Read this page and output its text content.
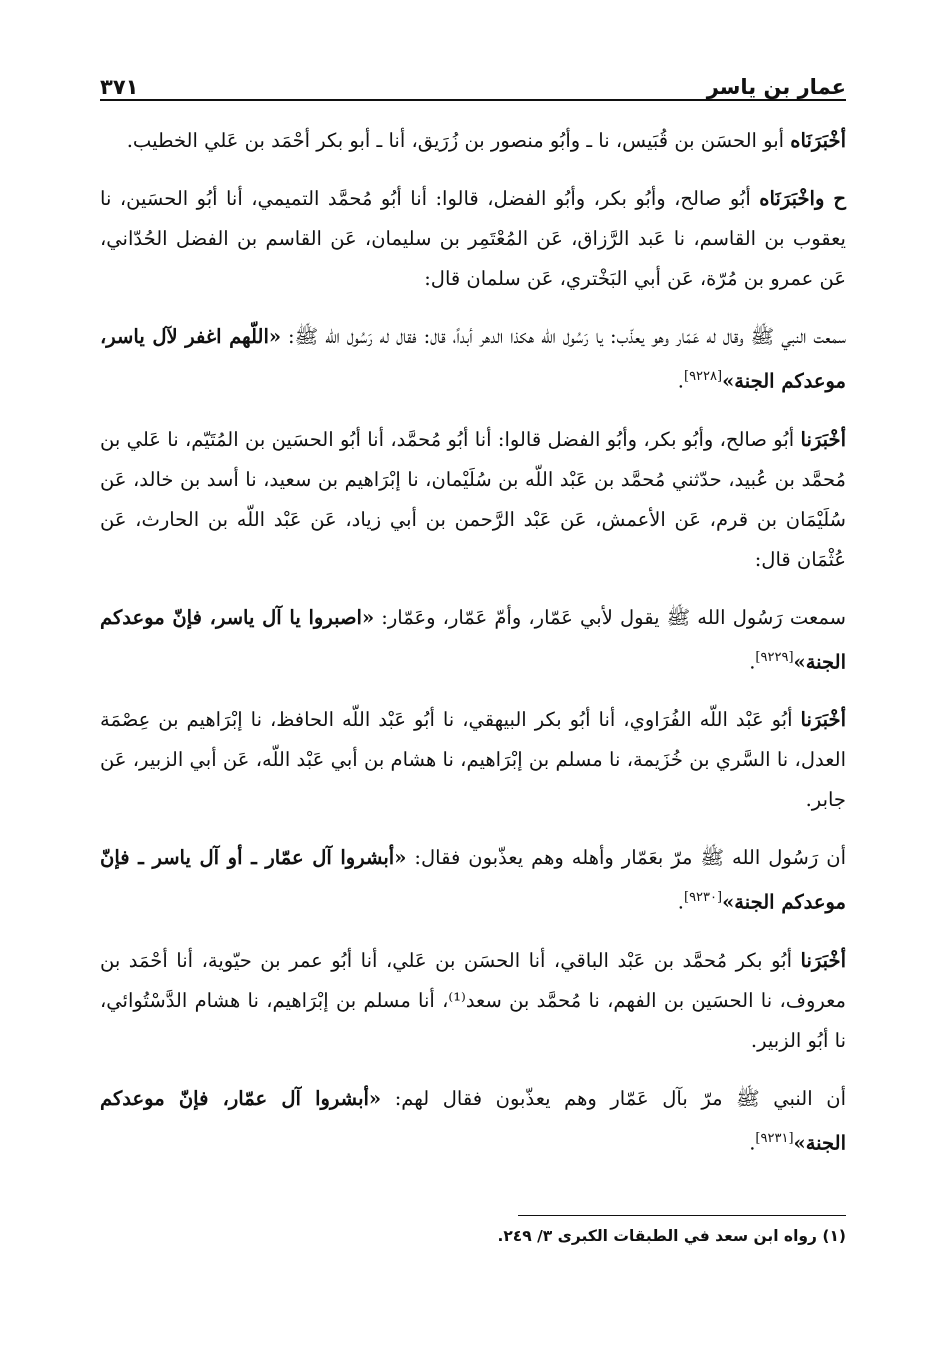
عمار بن ياسر
٣٧١

أخْبَرَنَاه أبو الحسَن بن قُبَيس، نا ـ وأبُو منصور بن زُرَيق، أنا ـ أبو بكر أحْمَد بن عَلي الخطيب.

ح واخْبَرَنَاه أبُو صالح، وأبُو بكر، وأبُو الفضل، قالوا: أنا أبُو مُحمَّد التميمي، أنا أبُو الحسَين، نا يعقوب بن القاسم، نا عَبد الرَّزاق، عَن المُعْتَمِر بن سليمان، عَن القاسم بن الفضل الحُدّاني، عَن عمرو بن مُرّة، عَن أبي البَخْتري، عَن سلمان قال:

سمعت النبي ﷺ وقال له عَمّار وهو يعذّب: يا رَسُول الله هكذا الدهر أبداً، قال: فقال له رَسُول الله ﷺ: «اللّهم اغفر لآل ياسر، موعدكم الجنة»[٩٢٢٨].

أخْبَرَنا أبُو صالح، وأبُو بكر، وأبُو الفضل قالوا: أنا أبُو مُحمَّد، أنا أبُو الحسَين بن المُتَيّم، نا عَلي بن مُحمَّد بن عُبيد، حدّثني مُحمَّد بن عَبْد اللّه بن سُلَيْمان، نا إبْرَاهيم بن سعيد، نا أسد بن خالد، عَن سُلَيْمَان بن قرم، عَن الأعمش، عَن عَبْد الرَّحمن بن أبي زياد، عَن عَبْد اللّه بن الحارث، عَن عُثْمَان قال:

سمعت رَسُول الله ﷺ يقول لأبي عَمّار، وأمّ عَمّار، وعَمّار: «اصبروا يا آل ياسر، فإنّ موعدكم الجنة»[٩٢٢٩].

أخْبَرَنا أبُو عَبْد اللّه الفُرَاوي، أنا أبُو بكر البيهقي، نا أبُو عَبْد اللّه الحافظ، نا إبْرَاهيم بن عِصْمَة العدل، نا السَّري بن خُزَيمة، نا مسلم بن إبْرَاهيم، نا هشام بن أبي عَبْد اللّه، عَن أبي الزبير، عَن جابر.

أن رَسُول الله ﷺ مرّ بعَمّار وأهله وهم يعذّبون فقال: «أبشروا آل عمّار ـ أو آل ياسر ـ فإنّ موعدكم الجنة»[٩٢٣٠].

أخْبَرَنا أبُو بكر مُحمَّد بن عَبْد الباقي، أنا الحسَن بن عَلي، أنا أبُو عمر بن حيّوية، أنا أحْمَد بن معروف، نا الحسَين بن الفهم، نا مُحمَّد بن سعد⁽¹⁾، أنا مسلم بن إبْرَاهيم، نا هشام الدَّسْتُوائي، نا أبُو الزبير.

أن النبي ﷺ مرّ بآل عَمّار وهم يعذّبون فقال لهم: «أبشروا آل عمّار، فإنّ موعدكم الجنة»[٩٢٣١].

(١) رواه ابن سعد في الطبقات الكبرى ٣/ ٢٤٩.
